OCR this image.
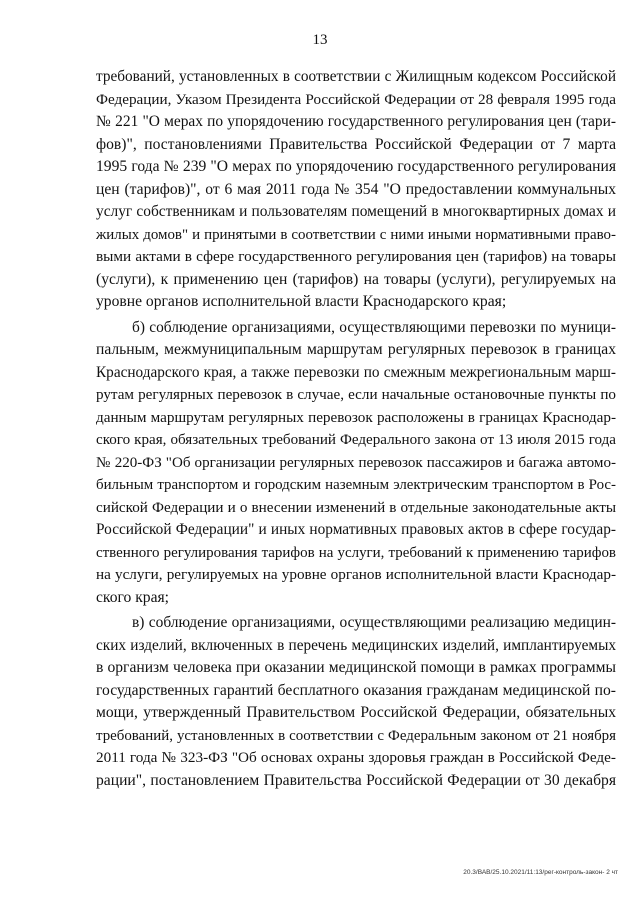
13
требований, установленных в соответствии с Жилищным кодексом Российской
Федерации, Указом Президента Российской Федерации от 28 февраля 1995 года
№ 221 "О мерах по упорядочению государственного регулирования цен (тари-
фов)", постановлениями Правительства Российской Федерации от 7 марта
1995 года № 239 "О мерах по упорядочению государственного регулирования
цен (тарифов)", от 6 мая 2011 года № 354 "О предоставлении коммунальных
услуг собственникам и пользователям помещений в многоквартирных домах и
жилых домов" и принятыми в соответствии с ними иными нормативными право-
выми актами в сфере государственного регулирования цен (тарифов) на товары
(услуги), к применению цен (тарифов) на товары (услуги), регулируемых на
уровне органов исполнительной власти Краснодарского края;
б) соблюдение организациями, осуществляющими перевозки по муници-
пальным, межмуниципальным маршрутам регулярных перевозок в границах
Краснодарского края, а также перевозки по смежным межрегиональным марш-
рутам регулярных перевозок в случае, если начальные остановочные пункты по
данным маршрутам регулярных перевозок расположены в границах Краснодар-
ского края, обязательных требований Федерального закона от 13 июля 2015 года
№ 220-ФЗ "Об организации регулярных перевозок пассажиров и багажа автомо-
бильным транспортом и городским наземным электрическим транспортом в Рос-
сийской Федерации и о внесении изменений в отдельные законодательные акты
Российской Федерации" и иных нормативных правовых актов в сфере государ-
ственного регулирования тарифов на услуги, требований к применению тарифов
на услуги, регулируемых на уровне органов исполнительной власти Краснодар-
ского края;
в) соблюдение организациями, осуществляющими реализацию медицин-
ских изделий, включенных в перечень медицинских изделий, имплантируемых
в организм человека при оказании медицинской помощи в рамках программы
государственных гарантий бесплатного оказания гражданам медицинской по-
мощи, утвержденный Правительством Российской Федерации, обязательных
требований, установленных в соответствии с Федеральным законом от 21 ноября
2011 года № 323-ФЗ "Об основах охраны здоровья граждан в Российской Феде-
рации", постановлением Правительства Российской Федерации от 30 декабря
20.3/ВАВ/25.10.2021/11:13/рег-контроль-закон- 2 чт
